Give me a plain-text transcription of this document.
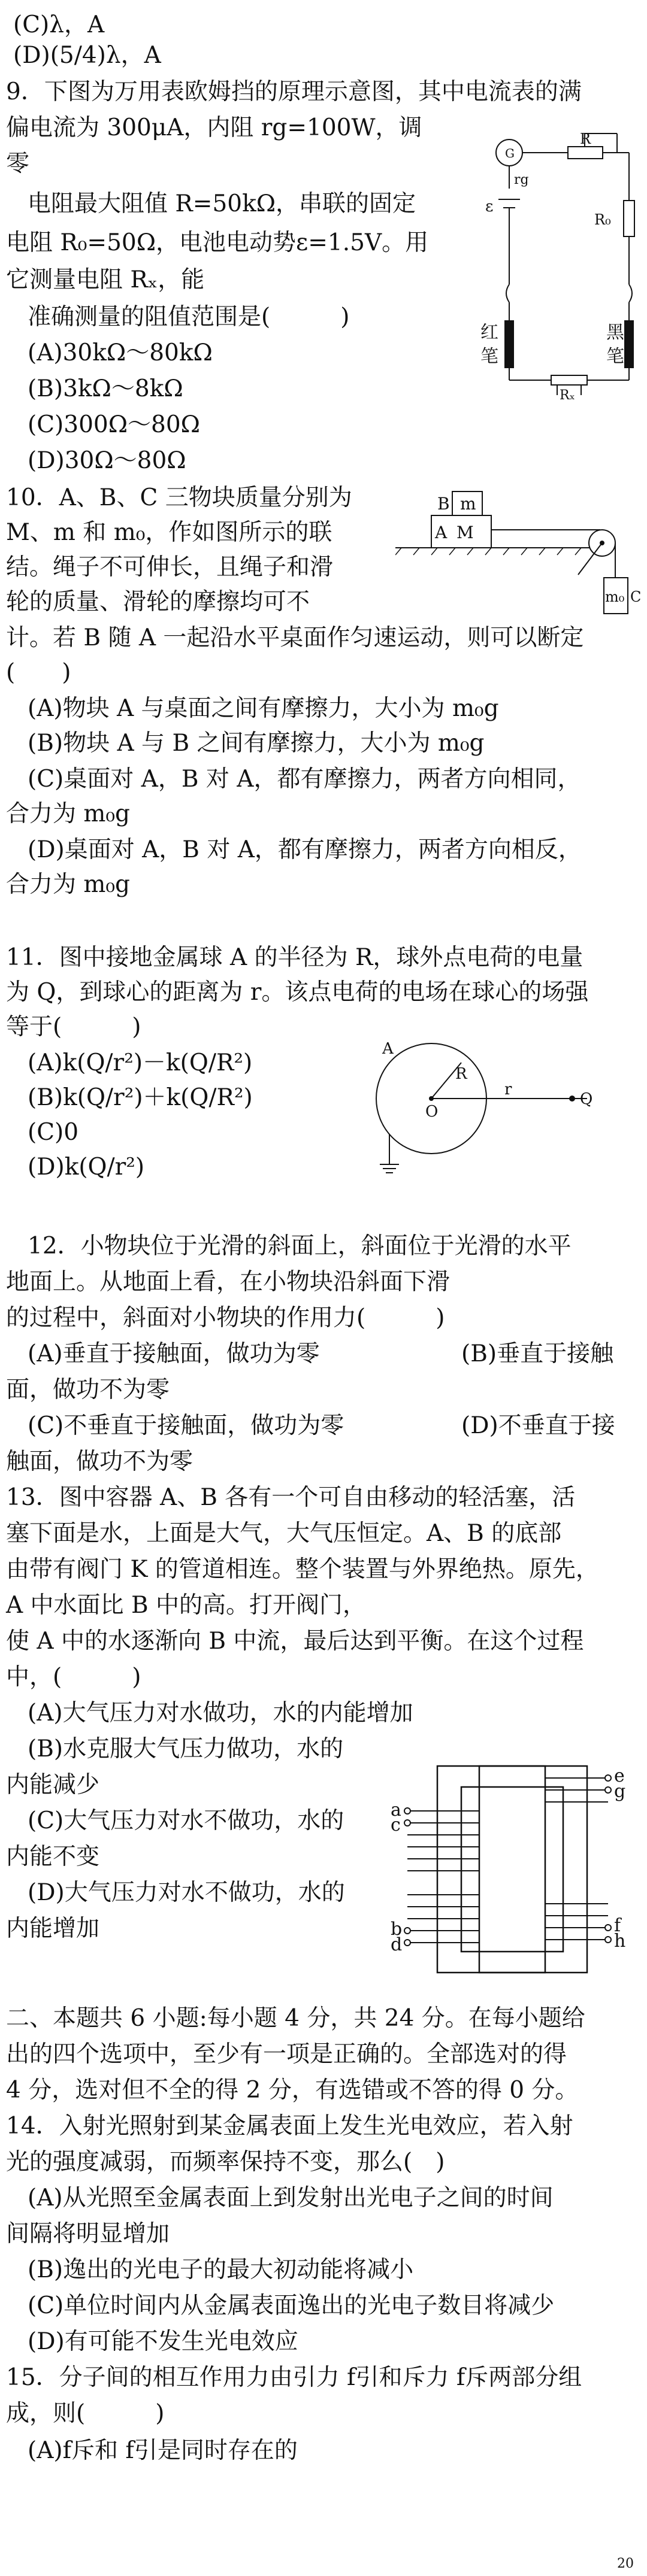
(C)λ，A
(D)(5/4)λ，A
9．下图为万用表欧姆挡的原理示意图，其中电流表的满
偏电流为 300μA，内阻 rg=100W，调
零
电阻最大阻值 R=50kΩ，串联的固定
电阻 R₀=50Ω，电池电动势ε=1.5V。用
它测量电阻 Rₓ，能
准确测量的阻值范围是(　　　)
(A)30kΩ～80kΩ
(B)3kΩ～8kΩ
(C)300Ω～80Ω
(D)30Ω～80Ω
10．A、B、C 三物块质量分别为
M、m 和 m₀，作如图所示的联
结。绳子不可伸长，且绳子和滑
轮的质量、滑轮的摩擦均可不
计。若 B 随 A 一起沿水平桌面作匀速运动，则可以断定
(　　)
(A)物块 A 与桌面之间有摩擦力，大小为 m₀g
(B)物块 A 与 B 之间有摩擦力，大小为 m₀g
(C)桌面对 A，B 对 A，都有摩擦力，两者方向相同，
合力为 m₀g
(D)桌面对 A，B 对 A，都有摩擦力，两者方向相反，
合力为 m₀g
11．图中接地金属球 A 的半径为 R，球外点电荷的电量
为 Q，到球心的距离为 r。该点电荷的电场在球心的场强
等于(　　　)
(A)k(Q/r²)－k(Q/R²)
(B)k(Q/r²)＋k(Q/R²)
(C)0
(D)k(Q/r²)
12．小物块位于光滑的斜面上，斜面位于光滑的水平
地面上。从地面上看，在小物块沿斜面下滑
的过程中，斜面对小物块的作用力(　　　)
(A)垂直于接触面，做功为零	(B)垂直于接触
面，做功不为零
(C)不垂直于接触面，做功为零	(D)不垂直于接
触面，做功不为零
13．图中容器 A、B 各有一个可自由移动的轻活塞，活
塞下面是水，上面是大气，大气压恒定。A、B 的底部
由带有阀门 K 的管道相连。整个装置与外界绝热。原先，
A 中水面比 B 中的高。打开阀门，
使 A 中的水逐渐向 B 中流，最后达到平衡。在这个过程
中，(　　　)
(A)大气压力对水做功，水的内能增加
(B)水克服大气压力做功，水的
内能减少
(C)大气压力对水不做功，水的
内能不变
(D)大气压力对水不做功，水的
内能增加
二、本题共 6 小题:每小题 4 分，共 24 分。在每小题给
出的四个选项中，至少有一项是正确的。全部选对的得
4 分，选对但不全的得 2 分，有选错或不答的得 0 分。
14．入射光照射到某金属表面上发生光电效应，若入射
光的强度减弱，而频率保持不变，那么(　)
(A)从光照至金属表面上到发射出光电子之间的时间
间隔将明显增加
(B)逸出的光电子的最大初动能将减小
(C)单位时间内从金属表面逸出的光电子数目将减少
(D)有可能不发生光电效应
15．分子间的相互作用力由引力 f引和斥力 f斥两部分组
成，则(　　　)
(A)f斥和 f引是同时存在的
G
rg
R
ε
R₀
红
笔
黑
笔
Rₓ
B m
A M
m₀ C
A
R
O
r
Q
a
c
e
g
b
d
f
h
20
